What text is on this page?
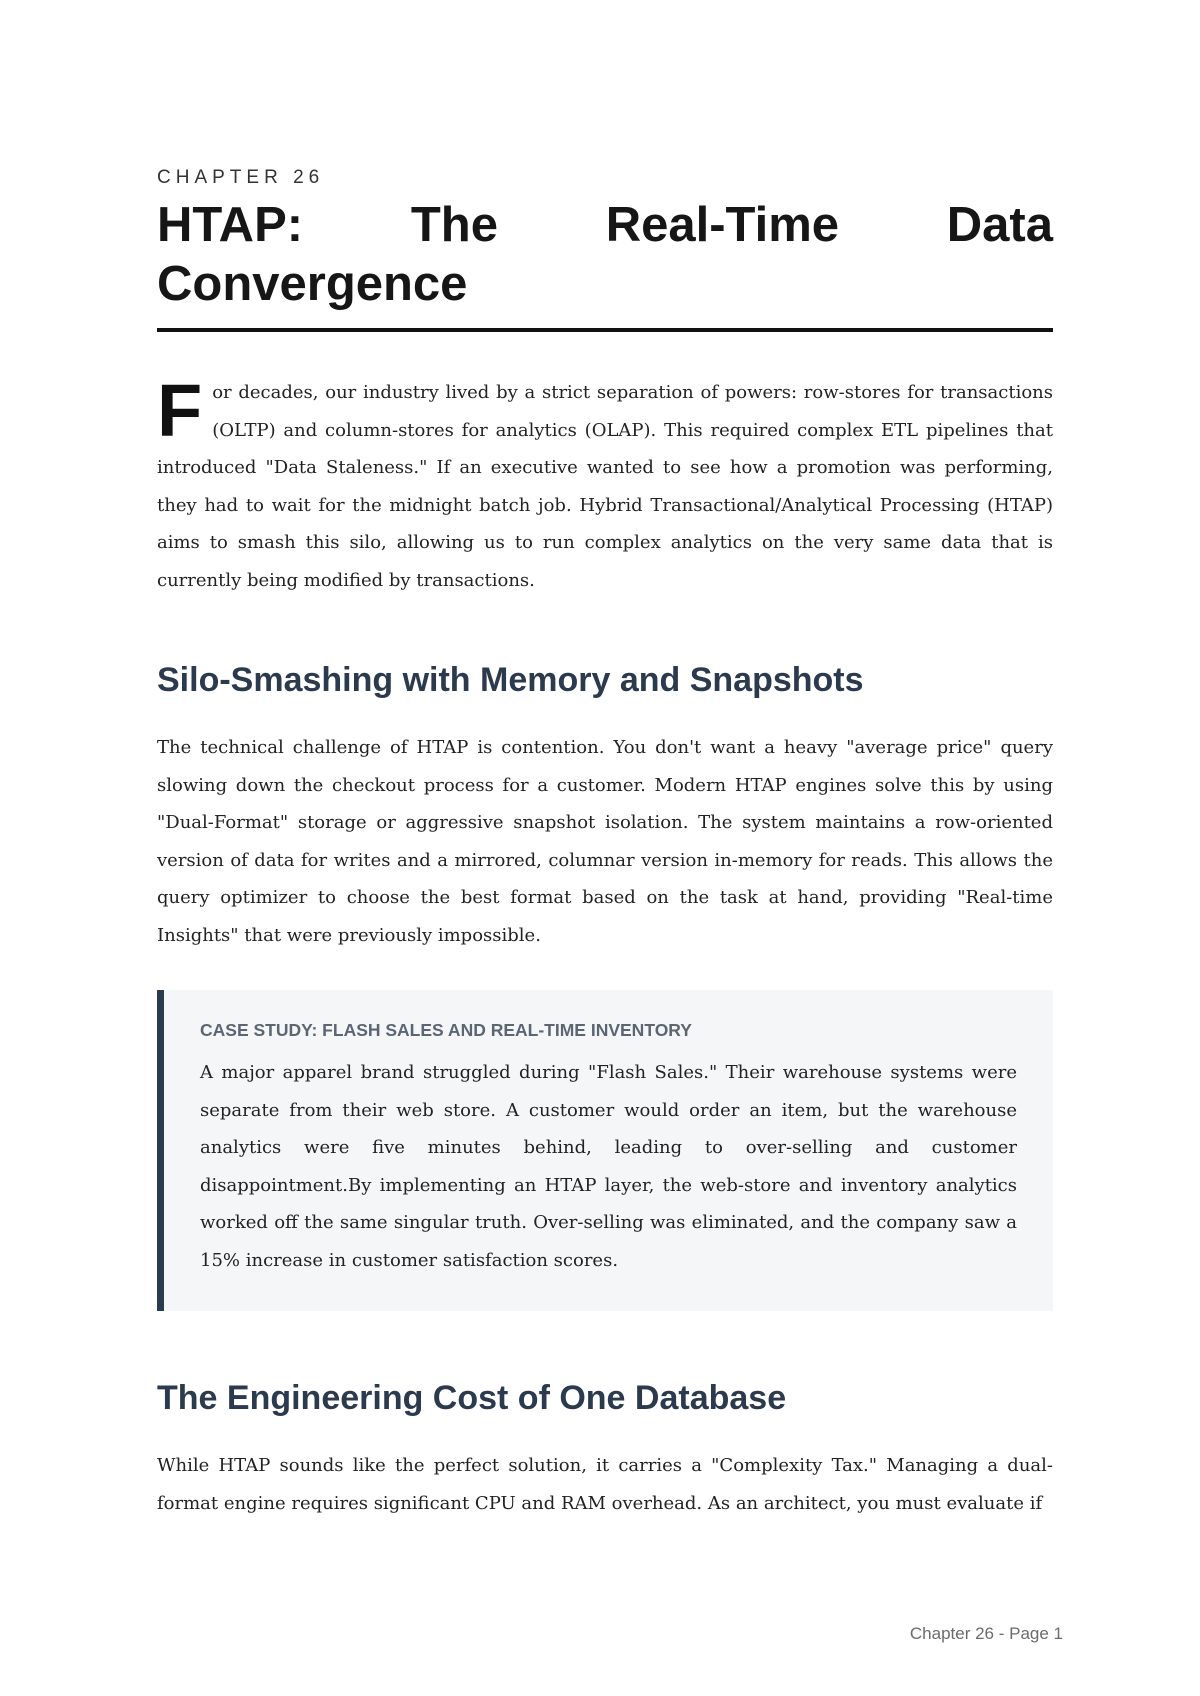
CHAPTER 26
HTAP: The Real-Time Data Convergence

For decades, our industry lived by a strict separation of powers: row-stores for transactions (OLTP) and column-stores for analytics (OLAP). This required complex ETL pipelines that introduced "Data Staleness." If an executive wanted to see how a promotion was performing, they had to wait for the midnight batch job. Hybrid Transactional/Analytical Processing (HTAP) aims to smash this silo, allowing us to run complex analytics on the very same data that is currently being modified by transactions.

Silo-Smashing with Memory and Snapshots

The technical challenge of HTAP is contention. You don't want a heavy "average price" query slowing down the checkout process for a customer. Modern HTAP engines solve this by using "Dual-Format" storage or aggressive snapshot isolation. The system maintains a row-oriented version of data for writes and a mirrored, columnar version in-memory for reads. This allows the query optimizer to choose the best format based on the task at hand, providing "Real-time Insights" that were previously impossible.

CASE STUDY: FLASH SALES AND REAL-TIME INVENTORY

A major apparel brand struggled during "Flash Sales." Their warehouse systems were separate from their web store. A customer would order an item, but the warehouse analytics were five minutes behind, leading to over-selling and customer disappointment.By implementing an HTAP layer, the web-store and inventory analytics worked off the same singular truth. Over-selling was eliminated, and the company saw a 15% increase in customer satisfaction scores.

The Engineering Cost of One Database

While HTAP sounds like the perfect solution, it carries a "Complexity Tax." Managing a dual-format engine requires significant CPU and RAM overhead. As an architect, you must evaluate if

Chapter 26 - Page 1
